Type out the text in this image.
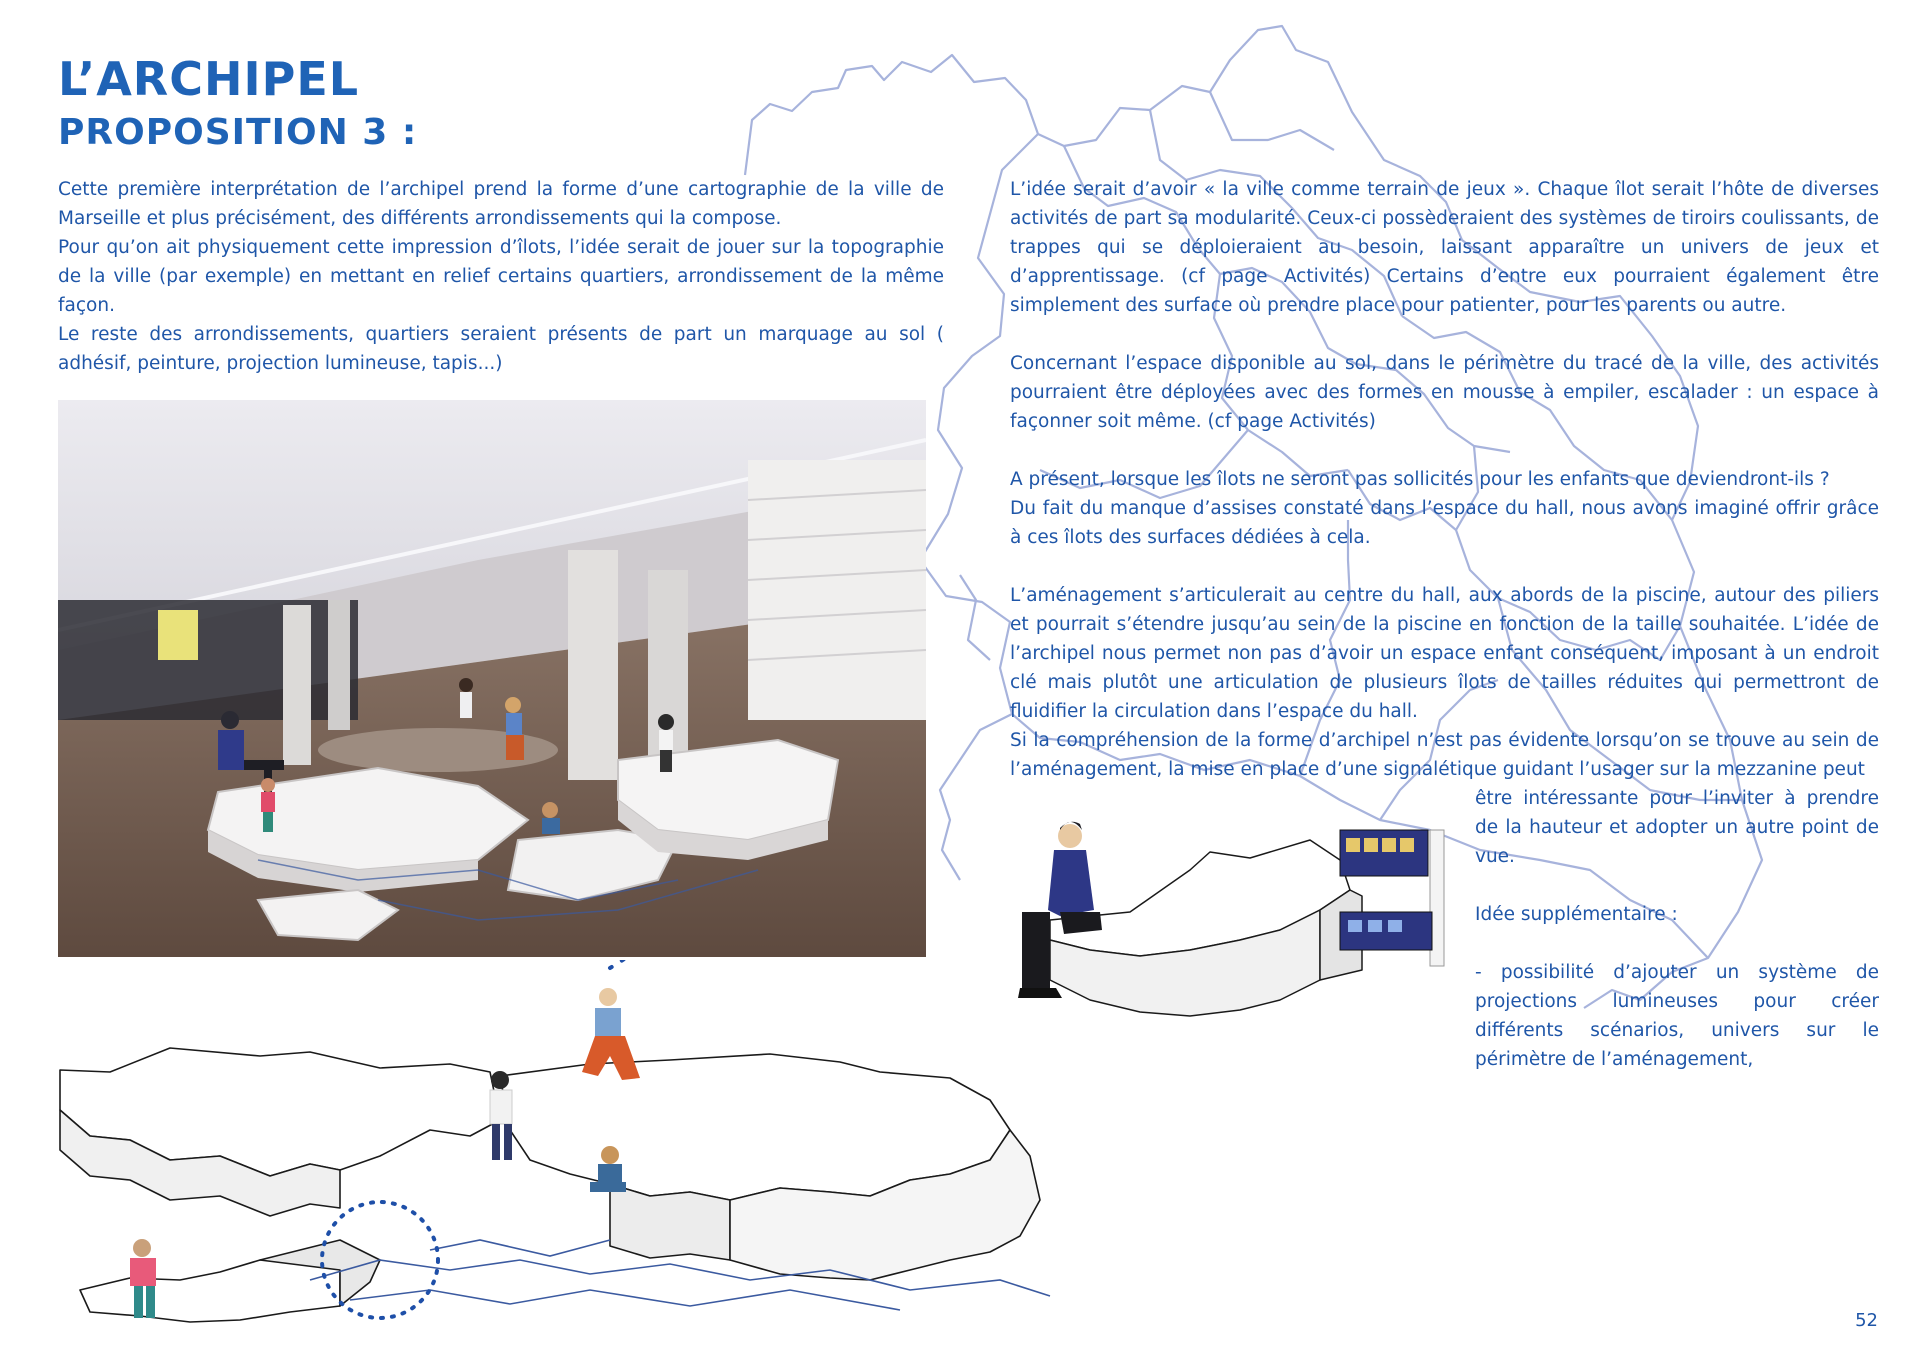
L’ARCHIPEL
PROPOSITION 3 :

Cette première interprétation de l’archipel prend la forme d’une cartographie de la ville de Marseille et plus précisément, des différents arrondissements qui la compose.

Pour qu’on ait physiquement cette impression d’îlots, l’idée serait de jouer sur la topographie de la ville (par exemple) en mettant en relief certains quartiers, arrondissement de la même façon.

Le reste des arrondissements, quartiers seraient présents de part un marquage au sol ( adhésif, peinture, projection lumineuse, tapis...)

L’idée serait d’avoir « la ville comme terrain de jeux ». Chaque îlot serait l’hôte de diverses activités de part sa modularité. Ceux-ci possèderaient des systèmes de tiroirs coulissants, de trappes qui se déploieraient au besoin, laissant apparaître un univers de jeux et d’apprentissage. (cf page Activités) Certains d’entre eux pourraient également être simplement des surface où prendre place pour patienter, pour les parents ou autre.

Concernant l’espace disponible au sol, dans le périmètre du tracé de la ville, des activités pourraient être déployées avec des formes en mousse à empiler, escalader : un espace à façonner soit même. (cf page Activités)

A présent, lorsque les îlots ne seront pas sollicités pour les enfants que deviendront-ils ?

Du fait du manque d’assises constaté dans l’espace du hall, nous avons imaginé offrir grâce à ces îlots des surfaces dédiées à cela.

L’aménagement s’articulerait au centre du hall, aux abords de la piscine, autour des piliers et pourrait s’étendre jusqu’au sein de la piscine en fonction de la taille souhaitée. L’idée de l’archipel nous permet non pas d’avoir un espace enfant conséquent, imposant à un endroit clé mais plutôt une articulation de plusieurs îlots de tailles réduites qui permettront de fluidifier la circulation dans l’espace du hall.

Si la compréhension de la forme d’archipel n’est pas évidente lorsqu’on se trouve au sein de l’aménagement, la mise en place d’une signalétique guidant l’usager sur la mezzanine peut

être intéressante pour l’inviter à prendre de la hauteur et adopter un autre point de vue.

Idée supplémentaire :

- possibilité d’ajouter un système de projections lumineuses pour créer différents scénarios, univers sur le périmètre de l’aménagement,

52
